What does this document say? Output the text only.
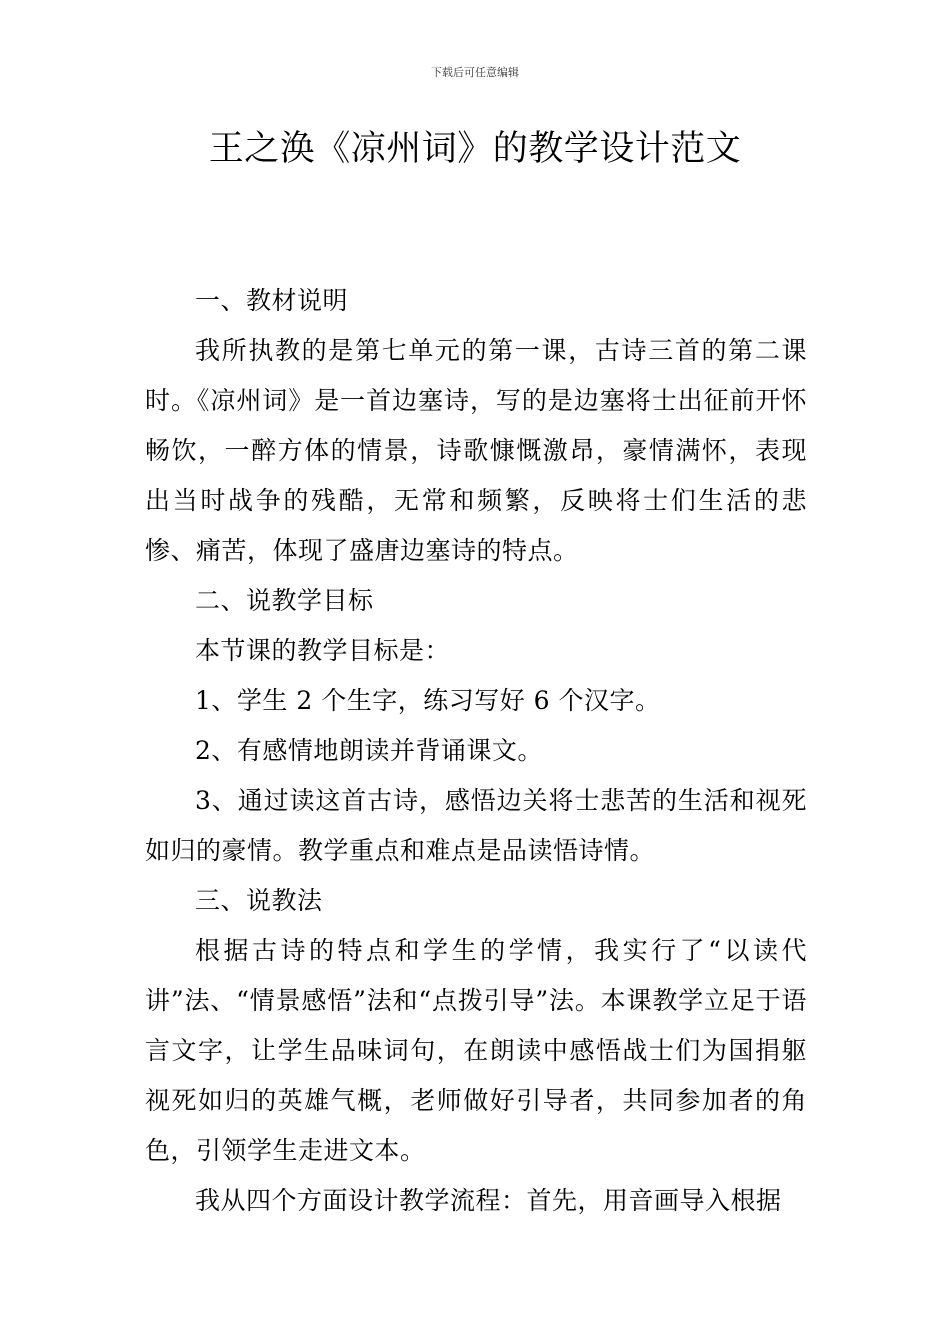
下载后可任意编辑
王之涣《凉州词》的教学设计范文

一、教材说明

我所执教的是第七单元的第一课，古诗三首的第二课时。《凉州词》是一首边塞诗，写的是边塞将士出征前开怀畅饮，一醉方体的情景，诗歌慷慨激昂，豪情满怀，表现出当时战争的残酷，无常和频繁，反映将士们生活的悲惨、痛苦，体现了盛唐边塞诗的特点。

二、说教学目标

本节课的教学目标是：

1、学生 2 个生字，练习写好 6 个汉字。

2、有感情地朗读并背诵课文。

3、通过读这首古诗，感悟边关将士悲苦的生活和视死如归的豪情。教学重点和难点是品读悟诗情。

三、说教法

根据古诗的特点和学生的学情，我实行了“以读代讲”法、“情景感悟”法和“点拨引导”法。本课教学立足于语言文字，让学生品味词句，在朗读中感悟战士们为国捐躯视死如归的英雄气概，老师做好引导者，共同参加者的角色，引领学生走进文本。

我从四个方面设计教学流程：首先，用音画导入根据
